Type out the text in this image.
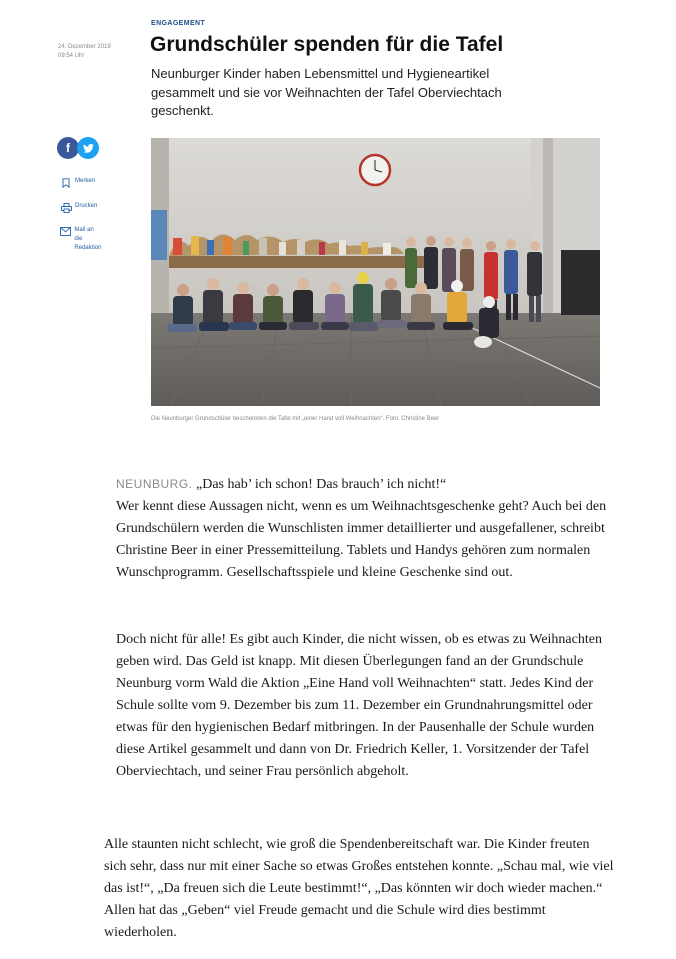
ENGAGEMENT
24. Dezember 2019
09:54 Uhr	Grundschüler spenden für die Tafel

Neunburger Kinder haben Lebensmittel und Hygieneartikel gesammelt und sie vor Weihnachten der Tafel Oberviechtach geschenkt.

f
Merken
Drucken
Mail an die
Redaktion
Die Neunburger Grundschüler beschenkten die Tafel mit „einer Hand voll Weihnachten“. Foto: Christine Beer
NEUNBURG. „Das hab’ ich schon! Das brauch’ ich nicht!“
Wer kennt diese Aussagen nicht, wenn es um Weihnachtsgeschenke geht? Auch bei den Grundschülern werden die Wunschlisten immer detaillierter und ausgefallener, schreibt Christine Beer in einer Pressemitteilung. Tablets und Handys gehören zum normalen Wunschprogramm. Gesellschaftsspiele und kleine Geschenke sind out.
Doch nicht für alle! Es gibt auch Kinder, die nicht wissen, ob es etwas zu Weihnachten geben wird. Das Geld ist knapp. Mit diesen Überlegungen fand an der Grundschule Neunburg vorm Wald die Aktion „Eine Hand voll Weihnachten“ statt. Jedes Kind der Schule sollte vom 9. Dezember bis zum 11. Dezember ein Grundnahrungsmittel oder etwas für den hygienischen Bedarf mitbringen. In der Pausenhalle der Schule wurden diese Artikel gesammelt und dann von Dr. Friedrich Keller, 1. Vorsitzender der Tafel Oberviechtach, und seiner Frau persönlich abgeholt.
Alle staunten nicht schlecht, wie groß die Spendenbereitschaft war. Die Kinder freuten sich sehr, dass nur mit einer Sache so etwas Großes entstehen konnte. „Schau mal, wie viel das ist!“, „Da freuen sich die Leute bestimmt!“, „Das könnten wir doch wieder machen.“ Allen hat das „Geben“ viel Freude gemacht und die Schule wird dies bestimmt wiederholen.
